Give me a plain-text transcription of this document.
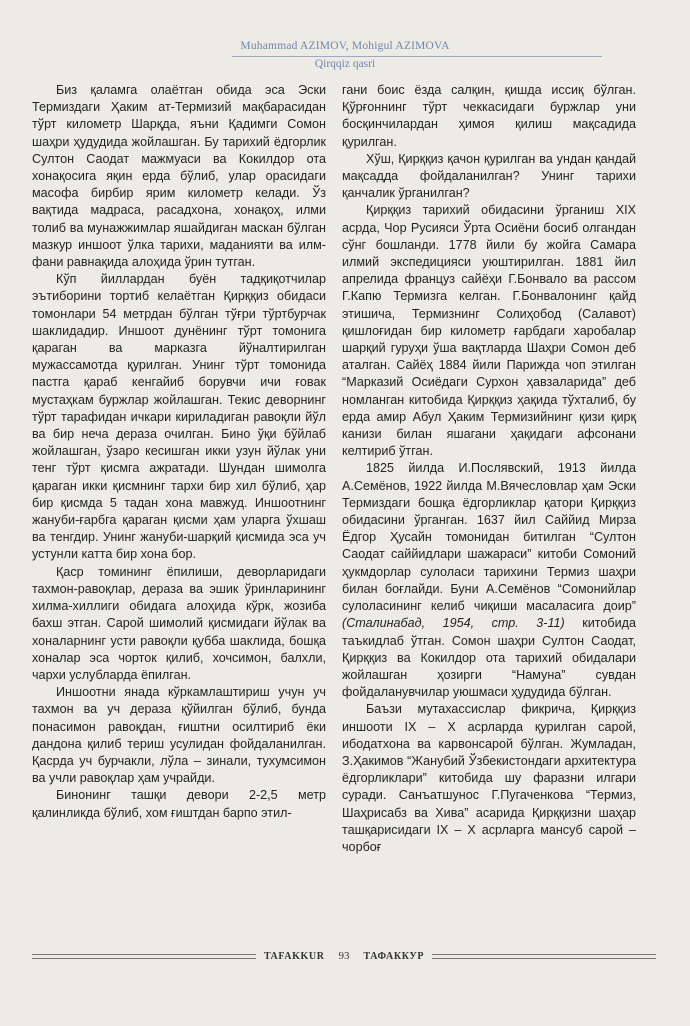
Muhammad AZIMOV, Mohigul AZIMOVA
Qirqqiz qasri

Биз қаламга олаётган обида эса Эски Термиздаги Ҳаким ат-Термизий мақбарасидан тўрт километр Шарқда, яъни Қадимги Сомон шаҳри ҳудудида жойлашган. Бу тарихий ёдгорлик Султон Саодат мажмуаси ва Кокилдор ота хонақосига яқин ерда бўлиб, улар орасидаги масофа бирбир ярим километр келади. Ўз вақтида мадраса, расадхона, хонақоҳ, илми толиб ва мунажжимлар яшайдиган маскан бўлган мазкур иншоот ўлка тарихи, маданияти ва илм-фани равнақида алоҳида ўрин тутган.

Кўп йиллардан буён тадқиқотчилар эътиборини тортиб келаётган Қирққиз обидаси томонлари 54 метрдан бўлган тўғри тўртбурчак шаклидадир. Иншоот дунёнинг тўрт томонига қараган ва марказга йўналтирилган мужассамотда қурилган. Унинг тўрт томонида пастга қараб кенгайиб борувчи ичи ғовак мустаҳкам буржлар жойлашган. Текис деворнинг тўрт тарафидан ичкари кириладиган равоқли йўл ва бир неча дераза очилган. Бино ўқи бўйлаб жойлашган, ўзаро кесишган икки узун йўлак уни тенг тўрт қисмга ажратади. Шундан шимолга қараган икки қисмнинг тархи бир хил бўлиб, ҳар бир қисмда 5 тадан хона мавжуд. Иншоотнинг жануби-ғарбга қараган қисми ҳам уларга ўхшаш ва тенгдир. Унинг жануби-шарқий қисмида эса уч устунли катта бир хона бор.

Қаср томининг ёпилиши, деворларидаги тахмон-равоқлар, дераза ва эшик ўринларининг хилма-хиллиги обидага алоҳида кўрк, жозиба бахш этган. Сарой шимолий қисмидаги йўлак ва хоналарнинг усти равоқли қубба шаклида, бошқа хоналар эса чорток қилиб, хочсимон, балхли, чархи услубларда ёпилган.

Иншоотни янада кўркамлаштириш учун уч тахмон ва уч дераза қўйилган бўлиб, бунда понасимон равоқдан, ғиштни осилтириб ёки дандона қилиб териш усулидан фойдаланилган. Қасрда уч бурчакли, лўла – зинали, тухумсимон ва учли равоқлар ҳам учрайди.

Бинонинг ташқи девори 2-2,5 метр қалинликда бўлиб, хом ғиштдан барпо этил-

гани боис ёзда салқин, қишда иссиқ бўлган. Қўрғоннинг тўрт чеккасидаги буржлар уни босқинчилардан ҳимоя қилиш мақсадида қурилган.

Хўш, Қирққиз қачон қурилган ва ундан қандай мақсадда фойдаланилган? Унинг тарихи қанчалик ўрганилган?

Қирққиз тарихий обидасини ўрганиш XIX асрда, Чор Русияси Ўрта Осиёни босиб олгандан сўнг бошланди. 1778 йили бу жойга Самара илмий экспедицияси уюштирилган. 1881 йил апрелида француз сайёҳи Г.Бонвало ва рассом Г.Капю Термизга келган. Г.Бонвалонинг қайд этишича, Термизнинг Солиҳобод (Салавот) қишлоғидан бир километр ғарбдаги харобалар шарқий гуруҳи ўша вақтларда Шаҳри Сомон деб аталган. Сайёҳ 1884 йили Парижда чоп этилган “Марказий Осиёдаги Сурхон ҳавзаларида” деб номланган китобида Қирққиз ҳақида тўхталиб, бу ерда амир Абул Ҳаким Термизийнинг қизи қирқ канизи билан яшагани ҳақидаги афсонани келтириб ўтган.

1825 йилда И.Послявский, 1913 йилда А.Семёнов, 1922 йилда М.Вячесловлар ҳам Эски Термиздаги бошқа ёдгорликлар қатори Қирққиз обидасини ўрганган. 1637 йил Саййид Мирза Ёдгор Ҳусайн томонидан битилган “Султон Саодат саййидлари шажараси” китоби Сомоний ҳукмдорлар сулоласи тарихини Термиз шаҳри билан боғлайди. Буни А.Семёнов “Сомонийлар сулоласининг келиб чиқиши масаласига доир” (Сталинабад, 1954, стр. 3-11) китобида таъкидлаб ўтган. Сомон шаҳри Султон Саодат, Қирққиз ва Кокилдор ота тарихий обидалари жойлашган ҳозирги “Намуна” сувдан фойдаланувчилар уюшмаси ҳудудида бўлган.

Баъзи мутахассислар фикрича, Қирққиз иншооти IX – X асрларда қурилган сарой, ибодатхона ва карвонсарой бўлган. Жумладан, З.Ҳакимов “Жанубий Ўзбекистондаги архитектура ёдгорликлари” китобида шу фаразни илгари суради. Санъатшунос Г.Пугаченкова “Термиз, Шаҳрисабз ва Хива” асарида Қирққизни шаҳар ташқарисидаги IX – X асрларга мансуб сарой – чорбоғ

TAFAKKUR	93	ТАФАККУР
